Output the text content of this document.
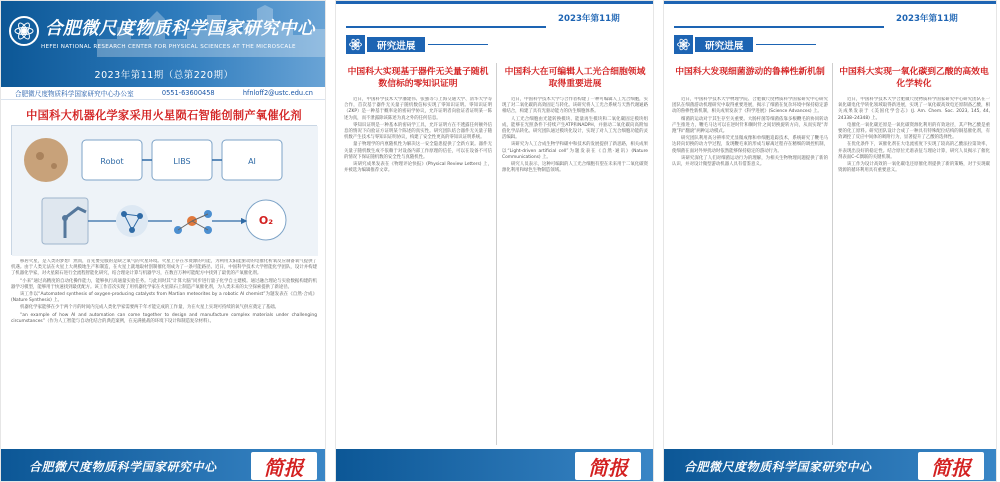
合肥微尺度物质科学国家研究中心
HEFEI NATIONAL RESEARCH CENTER FOR PHYSICAL SCIENCES AT THE MICROSCALE
2023年第11期（总第220期）
合肥微尺度物质科学国家研究中心办公室	0551-63600458	hfnloff2@ustc.edu.cn
中国科大机器化学家采用火星陨石智能创制产氧催化剂
Robot	LIBS	AI
O₂

移居火星，是人类的梦想！然而，首先要克服的是缺乏氧气的火星环境。火星上存在水资源的可能，为利用太阳能驱动的电催化析氧反应制备氧气提供了机遇。由于人类无法在火星上大规模地生产和制造，在火星上就地取材创制催化剂成为了一条可能路径。近日，中国科学技术大学智能化学团队，设计并构建了机器化学家，对火星陨石进行全流程智能化研究，结合理论计算与机器学习，在数百万种可能配方中找到了最优的产氧催化剂。

“小来”通过高精度的自动化操作能力，能够执行高通量实验任务。与此同时其“计算大脑”同步进行量子化学自主建模。通过融合理论与实验数据构建的机器学习模型，能够用于快速找到最优配方。该工作首次实现了用机器化学家在火星陨石上制造产氧催化剂，为人类未来的太空探索提供了新途径。

该工作以“Automated synthesis of oxygen-producing catalysts from Martian meteorites by a robotic AI chemist”为题发表在《自然·合成》(Nature Synthesis) 上。

机器化学家能够在少于两个月的时间内完成人类化学家需要两千年才能完成的工作量，为在火星上实现可持续的氧气供应奠定了基础。

“an example of how AI and automation can come together to design and manufacture complex materials under challenging circumstances”（作为人工智能与自动化结合的典范案例，在充满挑战的环境下设计和制造复杂材料）。

合肥微尺度物质科学国家研究中心	简报
2023年第11期
研究进展
中国科大实现基于器件无关量子随机数信标的零知识证明

近日，中国科学技术大学潘建伟、张强等与上海交通大学、清华大学等合作，首次基于器件无关量子随机数信标实现了零知识证明。零知识证明（ZKP）是一种基于概率论的密码学协议，允许证明者向验证者证明某一陈述为真，而不泄露除该陈述为真之外的任何信息。

零知识证明是一种基本的密码学工具，允许证明方在不透露任何额外信息的情况下向验证方证明某个陈述的真实性。研究团队结合器件无关量子随机数产生技术与零知识证明协议，构建了安全性更高的零知识证明系统。

量子物理学的内禀随机性为解决这一安全隐患提供了全新方案。器件无关量子随机数生成不依赖于对设备内部工作原理的信任，可以在设备不可信的情况下保证随机数的安全性与真随机性。

该研究成果发表在《物理评论快报》(Physical Review Letters) 上，并被选为编辑推荐文章。

中国科大在可编辑人工光合细胞领域取得重要进展

近日，中国科学技术大学与合作者构建了一种可编辑人工光合细胞，实现了对二氧化碳的高效固定与转化。该研究将人工光合系统与天然代谢通路相结合，构建了具有光驱动能力的仿生细胞体系。

人工光合细胞由光能转换模块、能量再生模块和二氧化碳固定模块组成，能够在光照条件下持续产生ATP和NADPH，并驱动二氧化碳向高附加值化学品转化。研究团队通过模块化设计，实现了对人工光合细胞功能的灵活编辑。

该研究为人工合成生物学和碳中和技术的发展提供了新思路，相关成果以“Light-driven artificial cell”为题发表在《自然·通讯》(Nature Communications) 上。

研究人员表示，这种可编辑的人工光合细胞有望在未来用于二氧化碳资源化利用和绿色生物制造领域。

简报
2023年第11期
研究进展
中国科大发现细菌游动的鲁棒性新机制

近日，中国科学技术大学物理学院、合肥微尺度物质科学国家研究中心研究团队在细菌游动机理研究中取得重要进展，揭示了细菌在复杂环境中保持稳定游动的鲁棒性新机制，相关成果发表于《科学进展》(Science Advances) 上。

细菌的运动对于其生存至关重要。大肠杆菌等细菌依靠多根鞭毛的协同转动产生推进力，鞭毛马达可以在逆时针和顺时针之间切换旋转方向，从而实现“奔跑”和“翻滚”两种运动模式。

研究团队利用高分辨率荧光显微成像和单细胞追踪技术，系统研究了鞭毛马达转向切换的动力学过程，发现鞭毛束的形成与解离过程存在精细的调控机制，使细菌在面对外界扰动时依然能够保持稳定的游动行为。

该研究深化了人们对细菌运动行为的理解，为相关生物物理问题提供了新的认识，并对设计微型游动机器人具有借鉴意义。

中国科大实现一氧化碳到乙酸的高效电化学转化

近日，中国科学技术大学合肥微尺度物质科学国家研究中心研究团队在一氧化碳电化学转化领域取得新进展，实现了一氧化碳高效电还原制备乙酸，相关成果发表于《美国化学会志》(J. Am. Chem. Soc. 2023, 145, 44, 24338–24348) 上。

电催化一氧化碳还原是一氧化碳资源化利用的有效途径，其产物乙酸是重要的化工原料。研究团队设计合成了一种具有特殊配位结构的铜基催化剂，有效调控了反应中间体的吸附行为，显著提升了乙酸的选择性。

在优化条件下，该催化剂在大电流密度下实现了较高的乙酸法拉第效率，并表现出良好的稳定性。结合原位光谱表征与理论计算，研究人员揭示了催化剂表面C–C偶联的关键机制。

该工作为设计高效的一氧化碳电还原催化剂提供了新的策略，对于实现碳资源的循环利用具有重要意义。

合肥微尺度物质科学国家研究中心	简报
